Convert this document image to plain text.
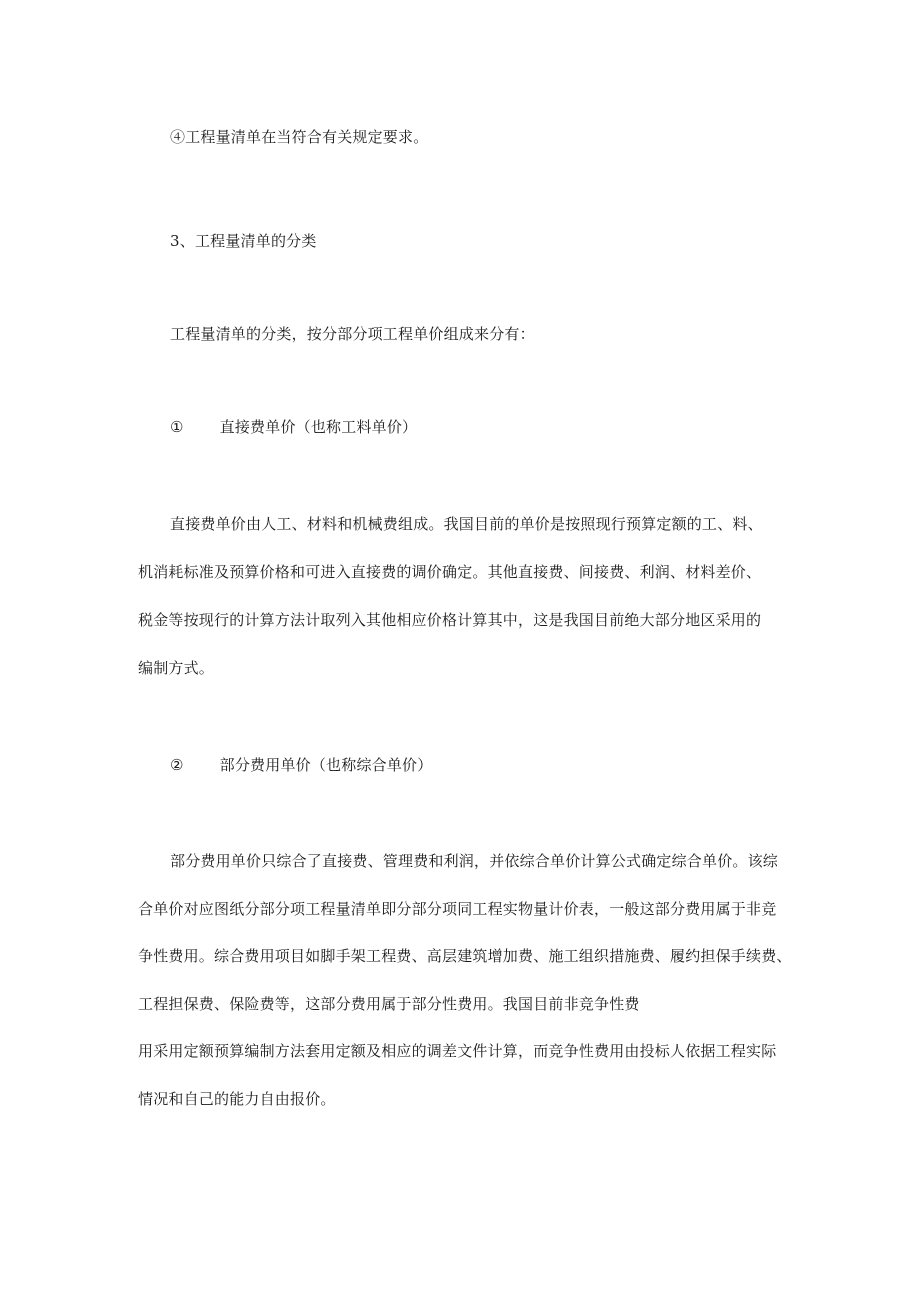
④工程量清单在当符合有关规定要求。
3、工程量清单的分类
工程量清单的分类，按分部分项工程单价组成来分有：
① 直接费单价（也称工料单价）
直接费单价由人工、材料和机械费组成。我国目前的单价是按照现行预算定额的工、料、
机消耗标准及预算价格和可进入直接费的调价确定。其他直接费、间接费、利润、材料差价、
税金等按现行的计算方法计取列入其他相应价格计算其中，这是我国目前绝大部分地区采用的
编制方式。
② 部分费用单价（也称综合单价）
部分费用单价只综合了直接费、管理费和利润，并依综合单价计算公式确定综合单价。该综
合单价对应图纸分部分项工程量清单即分部分项同工程实物量计价表，一般这部分费用属于非竞
争性费用。综合费用项目如脚手架工程费、高层建筑增加费、施工组织措施费、履约担保手续费、
工程担保费、保险费等，这部分费用属于部分性费用。我国目前非竞争性费
用采用定额预算编制方法套用定额及相应的调差文件计算，而竞争性费用由投标人依据工程实际
情况和自己的能力自由报价。
